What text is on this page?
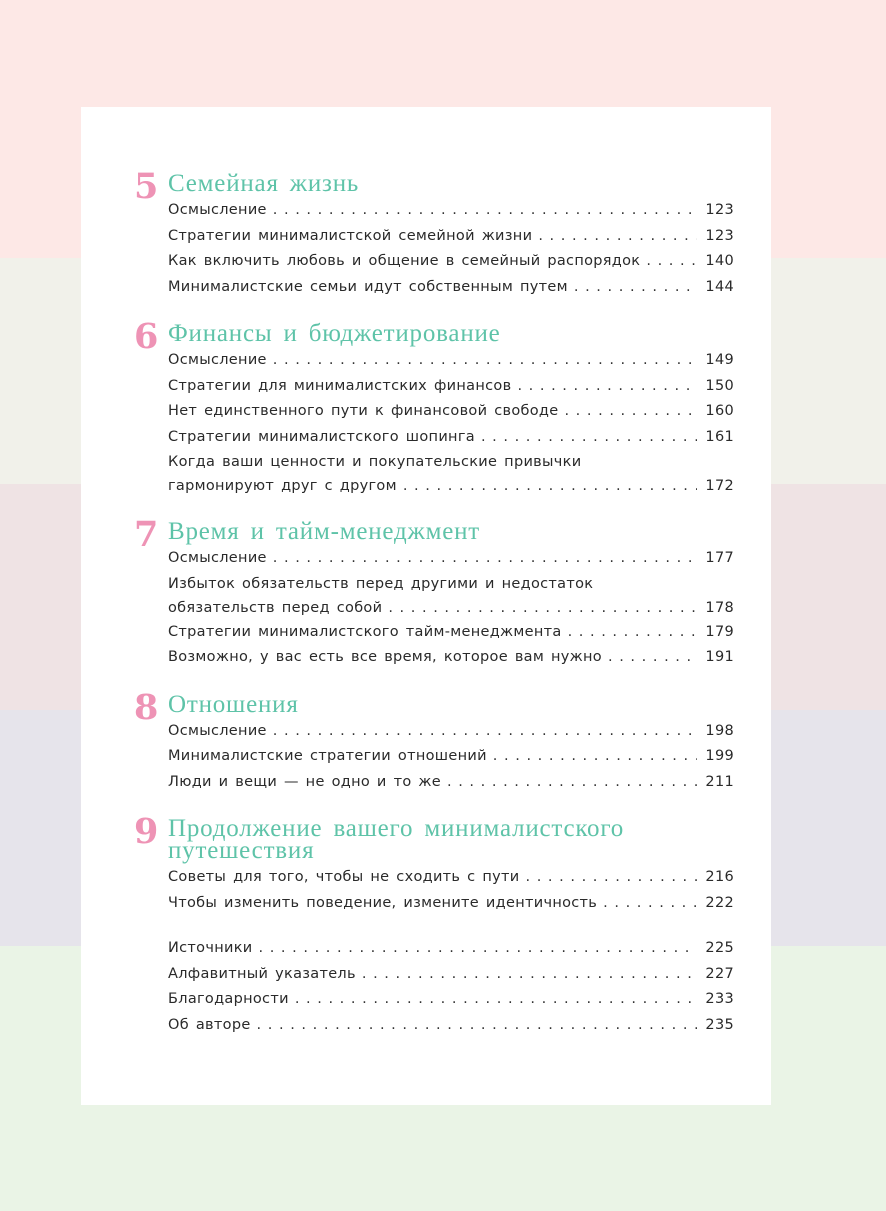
5 Семейная жизнь
Осмысление . . .	123
Стратегии минималистской семейной жизни . . .	123
Как включить любовь и общение в семейный распорядок . . .	140
Минималистские семьи идут собственным путем . . .	144
6 Финансы и бюджетирование
Осмысление . . .	149
Стратегии для минималистских финансов . . .	150
Нет единственного пути к финансовой свободе . . .	160
Стратегии минималистского шопинга . . .	161
Когда ваши ценности и покупательские привычки
гармонируют друг с другом . . .	172
7 Время и тайм-менеджмент
Осмысление . . .	177
Избыток обязательств перед другими и недостаток
обязательств перед собой . . .	178
Стратегии минималистского тайм-менеджмента . . .	179
Возможно, у вас есть все время, которое вам нужно . . .	191
8 Отношения
Осмысление . . .	198
Минималистские стратегии отношений . . .	199
Люди и вещи — не одно и то же . . .	211
9 Продолжение вашего минималистского
путешествия
Советы для того, чтобы не сходить с пути . . .	216
Чтобы изменить поведение, измените идентичность . . .	222
Источники . . .	225
Алфавитный указатель . . .	227
Благодарности . . .	233
Об авторе . . .	235
